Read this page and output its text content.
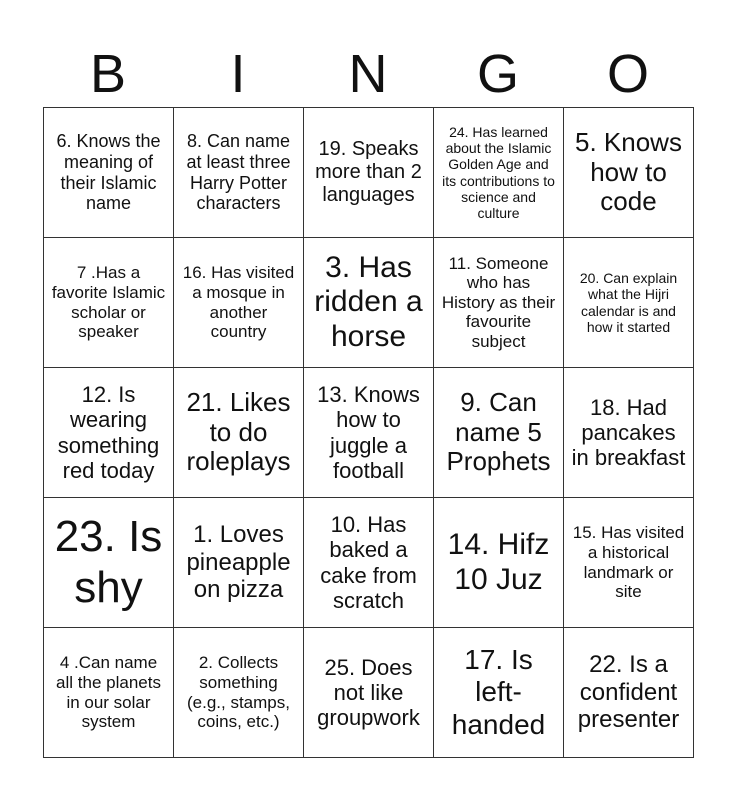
B	I	N	G	O
6. Knows the meaning of their Islamic name	8. Can name at least three Harry Potter characters	19. Speaks more than 2 languages	24. Has learned about the Islamic Golden Age and its contributions to science and culture	5. Knows how to code
7 .Has a favorite Islamic scholar or speaker	16. Has visited a mosque in another country	3. Has ridden a horse	11. Someone who has History as their favourite subject	20. Can explain what the Hijri calendar is and how it started
12. Is wearing something red today	21. Likes to do roleplays	13. Knows how to juggle a football	9. Can name 5 Prophets	18. Had pancakes in breakfast
23. Is shy	1. Loves pineapple on pizza	10. Has baked a cake from scratch	14. Hifz 10 Juz	15. Has visited a historical landmark or site
4 .Can name all the planets in our solar system	2. Collects something (e.g., stamps, coins, etc.)	25. Does not like groupwork	17. Is left-handed	22. Is a confident presenter
